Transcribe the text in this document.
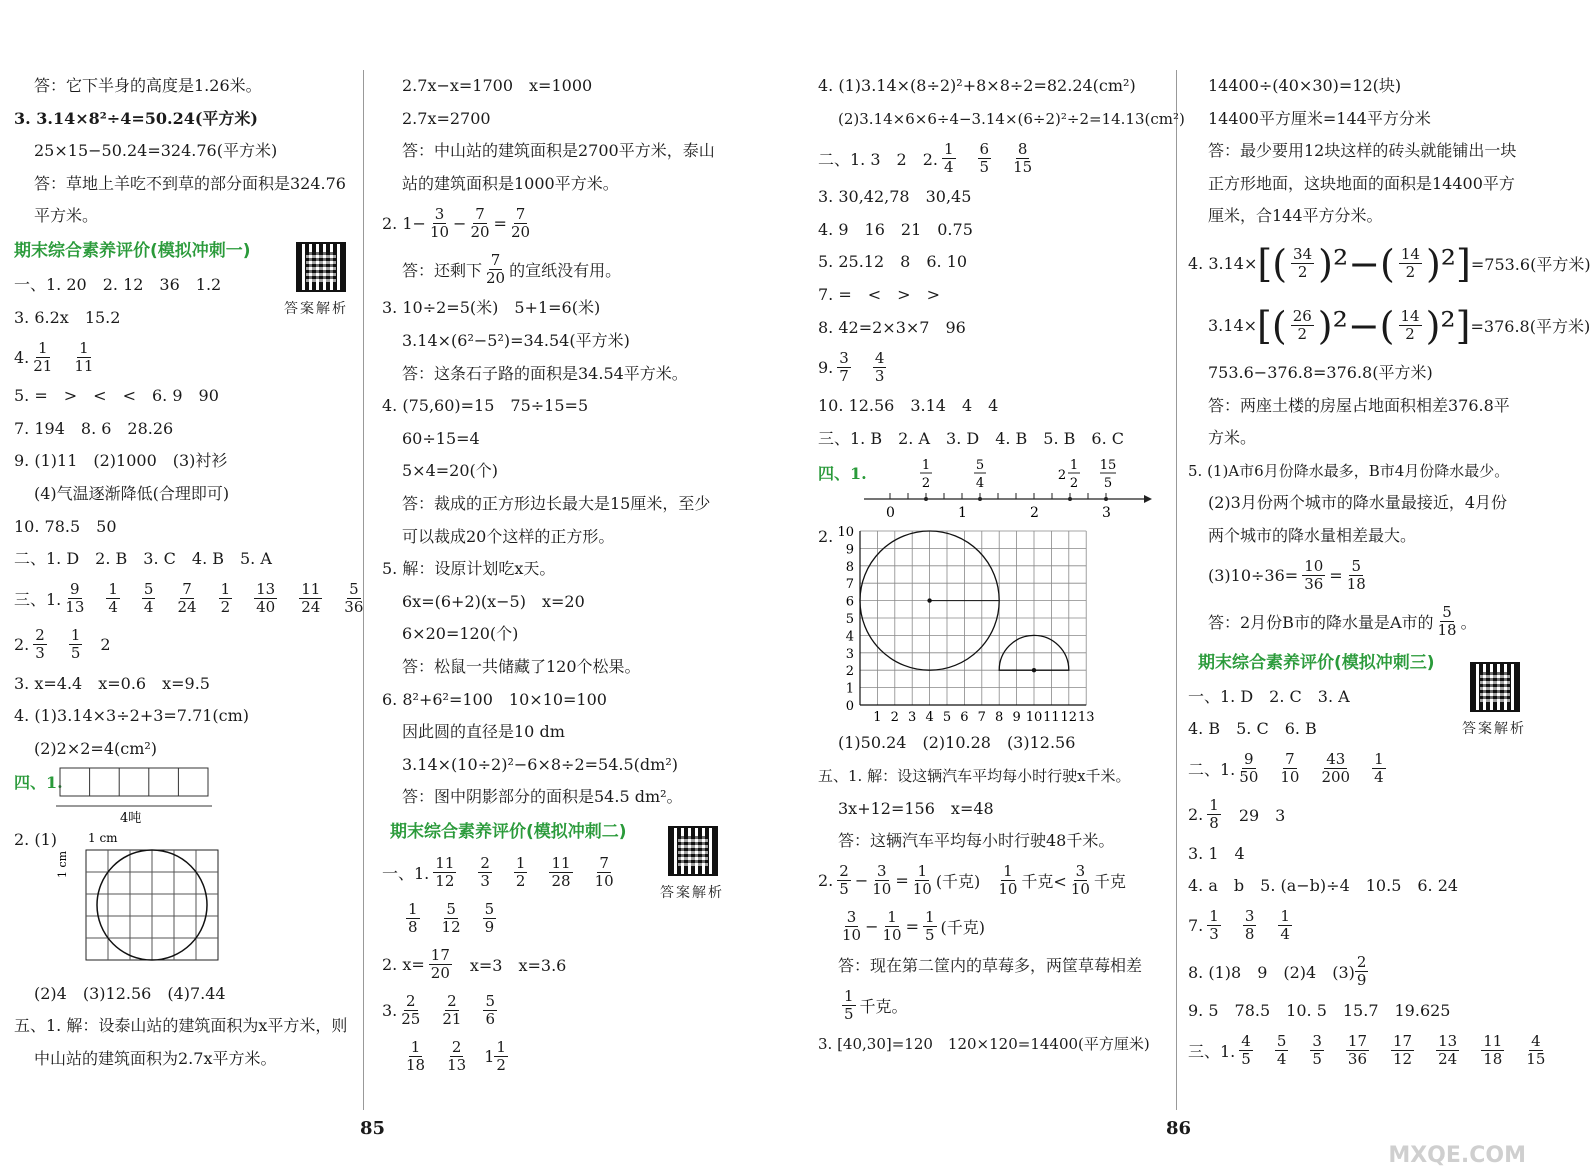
答：它下半身的高度是1.26米。
3. 3.14×8²÷4=50.24(平方米)
25×15−50.24=324.76(平方米)
答：草地上羊吃不到草的部分面积是324.76
平方米。
期末综合素养评价(模拟冲刺一)
一、1. 20　2. 12　36　1.2
3. 6.2x　15.2
4. $\frac{1}{21} \frac{1}{11}$
5. =　>　<　<　6. 9　90
7. 194　8. 6　28.26
9. (1)11　(2)1000　(3)衬衫
(4)气温逐渐降低(合理即可)
10. 78.5　50
二、1. D　2. B　3. C　4. B　5. A
三、1. $\frac{9}{13} \frac{1}{4} \frac{5}{4} \frac{7}{24} \frac{1}{2} \frac{13}{40} \frac{11}{24} \frac{5}{36}$
2. $\frac{2}{3} \frac{1}{5} 2$
3. x=4.4　x=0.6　x=9.5
4. (1)3.14×3÷2+3=7.71(cm)
(2)2×2=4(cm²)
四、1.
4吨
2. (1)	1 cm
1 cm
(2)4　(3)12.56　(4)7.44
五、1. 解：设泰山站的建筑面积为x平方米，则
中山站的建筑面积为2.7x平方米。
答案解析
2.7x−x=1700　x=1000
2.7x=2700
答：中山站的建筑面积是2700平方米，泰山
站的建筑面积是1000平方米。
2. $1- \frac{3}{10} - \frac{7}{20} = \frac{7}{20}$
答：还剩下 $\frac{7}{20}$ 的宣纸没有用。
3. 10÷2=5(米)　5+1=6(米)
3.14×(6²−5²)=34.54(平方米)
答：这条石子路的面积是34.54平方米。
4. (75,60)=15　75÷15=5
60÷15=4
5×4=20(个)
答：裁成的正方形边长最大是15厘米，至少
可以裁成20个这样的正方形。
5. 解：设原计划吃x天。
6x=(6+2)(x−5)　x=20
6×20=120(个)
答：松鼠一共储藏了120个松果。
6. 8²+6²=100　10×10=100
因此圆的直径是10 dm
3.14×(10÷2)²−6×8÷2=54.5(dm²)
答：图中阴影部分的面积是54.5 dm²。
期末综合素养评价(模拟冲刺二)
一、1. $\frac{11}{12} \frac{2}{3} \frac{1}{2} \frac{11}{28} \frac{7}{10}$
$\frac{1}{8} \frac{5}{12} \frac{5}{9}$
2. $x= \frac{17}{20} x=3$　x=3.6
3. $\frac{2}{25} \frac{2}{21} \frac{5}{6}$
$\frac{1}{18} \frac{2}{13} 1 \frac{1}{2}$
答案解析
4. (1)3.14×(8÷2)²+8×8÷2=82.24(cm²)
(2)3.14×6×6÷4−3.14×(6÷2)²÷2=14.13(cm²)
二、1. 3　2　2. $\frac{1}{4} \frac{6}{5} \frac{8}{15}$
3. 30,42,78　30,45
4. 9　16　21　0.75
5. 25.12　8　6. 10
7. =　<　>　>
8. 42=2×3×7　96
9. $\frac{3}{7} \frac{4}{3}$
10. 12.56　3.14　4　4
三、1. B　2. A　3. D　4. B　5. B　6. C
四、1.
0	1	2	3
1
2
5
4
2
1
2
15
5
2.
1 2 3 4 5 6 7 8 9 10 11 12 13
10
9
8
7
6
5
4
3
2
1
0
(1)50.24　(2)10.28　(3)12.56
五、1. 解：设这辆汽车平均每小时行驶x千米。
3x+12=156　x=48
答：这辆汽车平均每小时行驶48千米。
2. $\frac{2}{5} - \frac{3}{10} = \frac{1}{10}$ (千克) $\frac{1}{10}$ 千克< $\frac{3}{10}$ 千克
$\frac{3}{10} - \frac{1}{10} = \frac{1}{5}$ (千克)
答：现在第二筐内的草莓多，两筐草莓相差
$\frac{1}{5}$ 千克。
3. [40,30]=120　120×120=14400(平方厘米)
14400÷(40×30)=12(块)
14400平方厘米=144平方分米
答：最少要用12块这样的砖头就能铺出一块
正方形地面，这块地面的面积是14400平方
厘米，合144平方分米。
4. 3.14× [( $\frac{34}{2} )^2-( \frac{14}{2} )^2] =753.6$(平方米)
3.14× [( $\frac{26}{2} )^2-( \frac{14}{2} )^2] =376.8$(平方米)
753.6−376.8=376.8(平方米)
答：两座土楼的房屋占地面积相差376.8平
方米。
5. (1)A市6月份降水最多，B市4月份降水最少。
(2)3月份两个城市的降水量最接近，4月份
两个城市的降水量相差最大。
$(3)10\div 36= \frac{10}{36} = \frac{5}{18}$
答：2月份B市的降水量是A市的 $\frac{5}{18}$ 。
期末综合素养评价(模拟冲刺三)
一、1. D　2. C　3. A
4. B　5. C　6. B
二、1. $\frac{9}{50} \frac{7}{10} \frac{43}{200} \frac{1}{4}$
2. $\frac{1}{8} 29$　3
3. 1　4
4. a　b　5. (a−b)÷4　10.5　6. 24
7. $\frac{1}{3} \frac{3}{8} \frac{1}{4}$
8. (1)8　9　(2)4　$(3) \frac{2}{9}$
9. 5　78.5　10. 5　15.7　19.625
三、1. $\frac{4}{5} \frac{5}{4} \frac{3}{5} \frac{17}{36} \frac{17}{12} \frac{13}{24} \frac{11}{18} \frac{4}{15}$
答案解析
85	86
MXQE.COM
